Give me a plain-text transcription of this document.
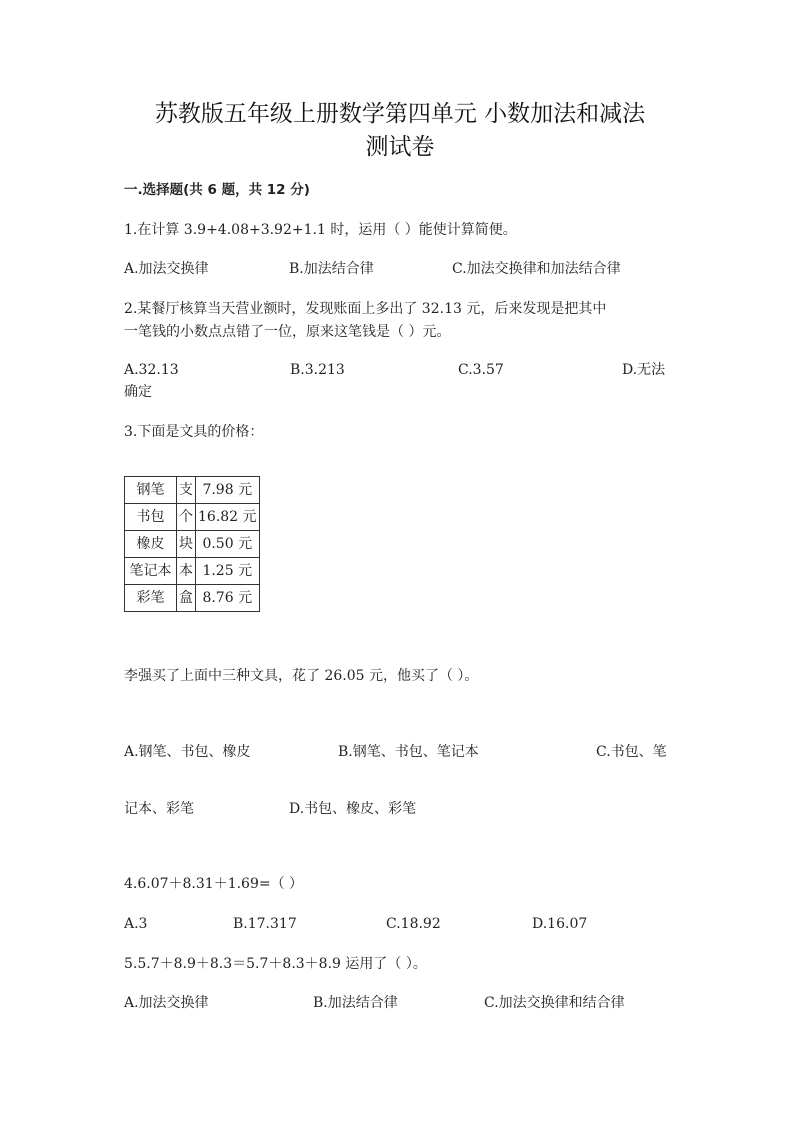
苏教版五年级上册数学第四单元 小数加法和减法
测试卷
一.选择题(共 6 题，共 12 分)
1.在计算 3.9+4.08+3.92+1.1 时，运用（ ）能使计算简便。
A.加法交换律	B.加法结合律	C.加法交换律和加法结合律
2.某餐厅核算当天营业额时，发现账面上多出了 32.13 元，后来发现是把其中
一笔钱的小数点点错了一位，原来这笔钱是（ ）元。
A.32.13	B.3.213	C.3.57	D.无法
确定
3.下面是文具的价格：
钢笔	支	7.98 元
书包	个	16.82 元
橡皮	块	0.50 元
笔记本	本	1.25 元
彩笔	盒	8.76 元
李强买了上面中三种文具，花了 26.05 元，他买了（ ）。
A.钢笔、书包、橡皮	B.钢笔、书包、笔记本	C.书包、笔
记本、彩笔	D.书包、橡皮、彩笔
4.6.07＋8.31＋1.69=（ ）
A.3	B.17.317	C.18.92	D.16.07
5.5.7＋8.9＋8.3＝5.7＋8.3＋8.9 运用了（ ）。
A.加法交换律	B.加法结合律	C.加法交换律和结合律
